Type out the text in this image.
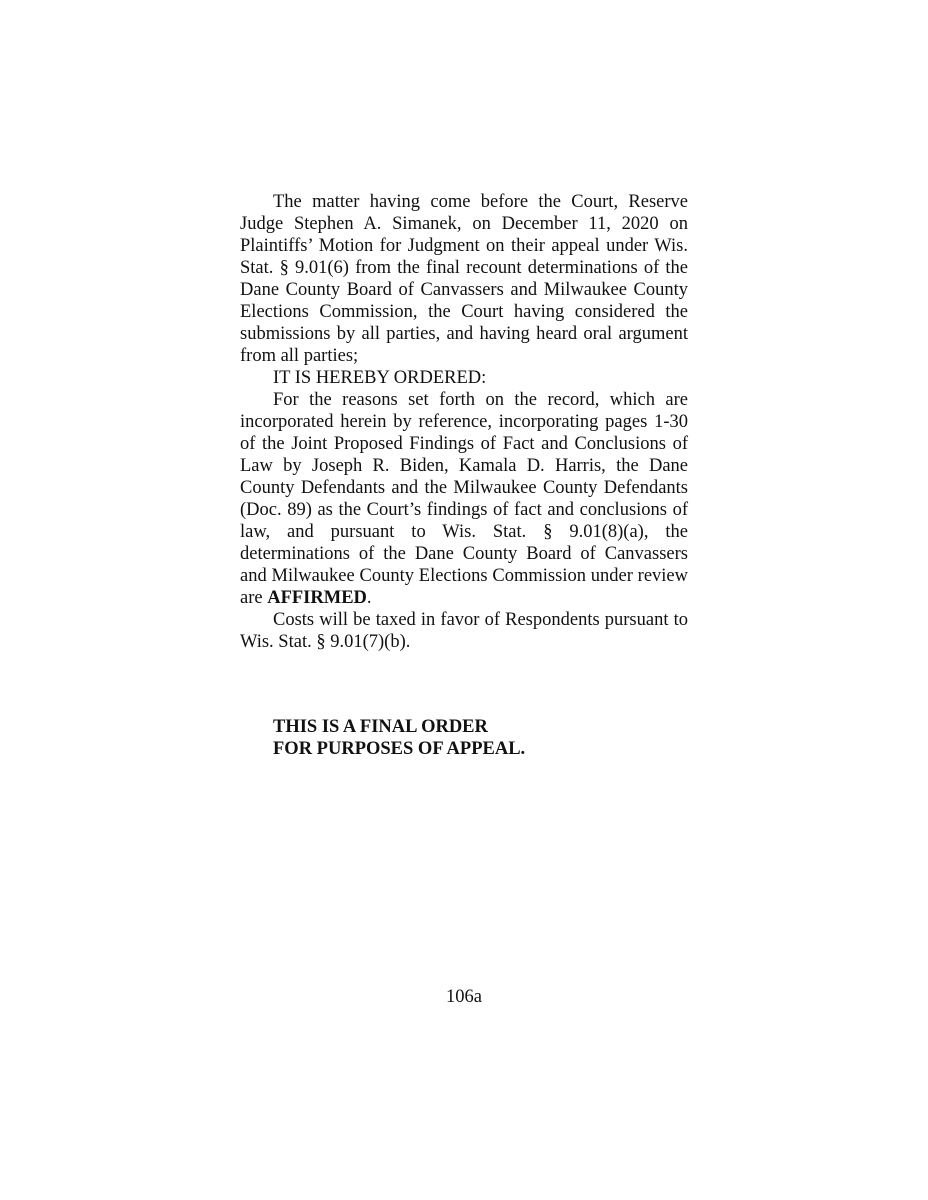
The matter having come before the Court, Reserve Judge Stephen A. Simanek, on December 11, 2020 on Plaintiffs’ Motion for Judgment on their appeal under Wis. Stat. § 9.01(6) from the final recount determinations of the Dane County Board of Canvassers and Milwaukee County Elections Commission, the Court having considered the submissions by all parties, and having heard oral argument from all parties;

IT IS HEREBY ORDERED:

For the reasons set forth on the record, which are incorporated herein by reference, incorporating pages 1-30 of the Joint Proposed Findings of Fact and Conclusions of Law by Joseph R. Biden, Kamala D. Harris, the Dane County Defendants and the Milwaukee County Defendants (Doc. 89) as the Court’s findings of fact and conclusions of law, and pursuant to Wis. Stat. § 9.01(8)(a), the determinations of the Dane County Board of Canvassers and Milwaukee County Elections Commission under review are AFFIRMED.

Costs will be taxed in favor of Respondents pursuant to Wis. Stat. § 9.01(7)(b).

THIS IS A FINAL ORDER
FOR PURPOSES OF APPEAL.
106a
